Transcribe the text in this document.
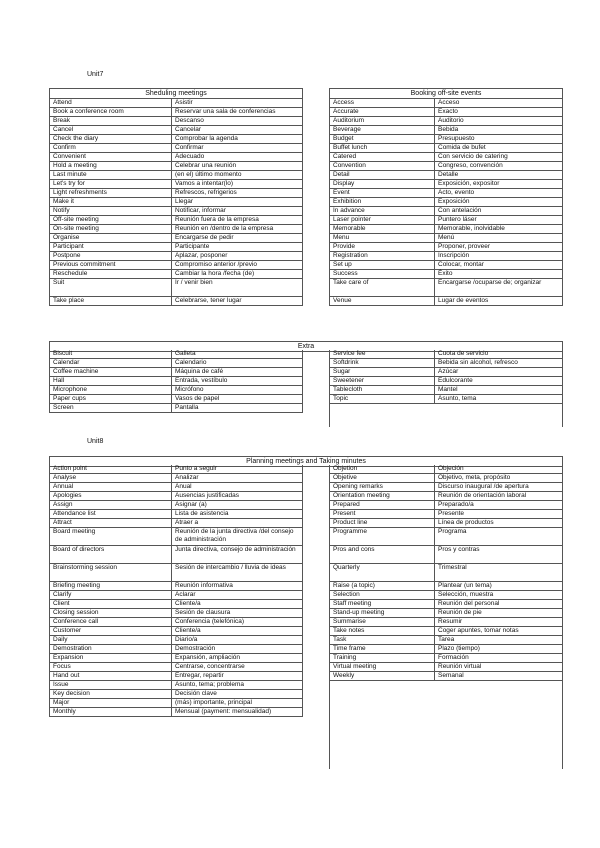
Unit7
Sheduling meetings
Attend	Asistir
Book a conference room	Reservar una sala de conferencias
Break	Descanso
Cancel	Cancelar
Check the diary	Comprobar la agenda
Confirm	Confirmar
Convenient	Adecuado
Hold a meeting	Celebrar una reunión
Last minute	(en el) último momento
Let's try for	Vamos a intentar(lo)
Light refreshments	Refrescos, refrigerios
Make it	Llegar
Notify	Notificar, informar
Off-site meeting	Reunión fuera de la empresa
On-site meeting	Reunión en /dentro de la empresa
Organise	Encargarse de pedir
Participant	Participante
Postpone	Aplazar, posponer
Previous commitment	Compromiso anterior /previo
Reschedule	Cambiar la hora /fecha (de)
Suit	Ir / venir bien
Take place	Celebrarse, tener lugar
Booking off-site events
Access	Acceso
Accurate	Exacto
Auditorium	Auditorio
Beverage	Bebida
Budget	Presupuesto
Buffet lunch	Comida de bufet
Catered	Con servicio de catering
Convention	Congreso, convención
Detail	Detalle
Display	Exposición, expositor
Event	Acto, evento
Exhibition	Exposición
In advance	Con antelación
Laser pointer	Puntero láser
Memorable	Memorable, inolvidable
Menu	Menú
Provide	Proponer, proveer
Registration	Inscripción
Set up	Colocar, montar
Success	Éxito
Take care of	Encargarse /ocuparse de; organizar
Venue	Lugar de eventos
Extra
Biscuit	Galleta
Calendar	Calendario
Coffee machine	Máquina de café
Hall	Entrada, vestíbulo
Microphone	Micrófono
Paper cups	Vasos de papel
Screen	Pantalla
Service fee	Cuota de servicio
Softdrink	Bebida sin alcohol, refresco
Sugar	Azúcar
Sweetener	Edulcorante
Tablecloth	Mantel
Topic	Asunto, tema
Unit8
Planning meetings and Taking minutes
Action point	Punto a seguir
Analyse	Analizar
Annual	Anual
Apologies	Ausencias justificadas
Assign	Asignar (a)
Attendance list	Lista de asistencia
Attract	Atraer a
Board meeting	Reunión de la junta directiva /del consejo de administración
Board of directors	Junta directiva, consejo de administración
Brainstorming session	Sesión de intercambio / lluvia de ideas
Briefing meeting	Reunión informativa
Clarify	Aclarar
Client	Cliente/a
Closing session	Sesión de clausura
Conference call	Conferencia (telefónica)
Customer	Cliente/a
Daily	Diario/a
Demostration	Demostración
Expansion	Expansión, ampliación
Focus	Centrarse, concentrarse
Hand out	Entregar, repartir
Issue	Asunto, tema; problema
Key decision	Decisión clave
Major	(más) importante, principal
Monthly	Mensual (payment: mensualidad)
Objetion	Objeción
Objetive	Objetivo, meta, propósito
Opening remarks	Discurso inaugural /de apertura
Orientation meeting	Reunión de orientación laboral
Prepared	Preparado/a
Present	Presente
Product line	Línea de productos
Programme	Programa
Pros and cons	Pros y contras
Quarterly	Trimestral
Raise (a topic)	Plantear (un tema)
Selection	Selección, muestra
Staff meeting	Reunión del personal
Stand-up meeting	Reunión de pie
Summarise	Resumir
Take notes	Coger apuntes, tomar notas
Task	Tarea
Time frame	Plazo (tiempo)
Training	Formación
Virtual meeting	Reunión virtual
Weekly	Semanal
